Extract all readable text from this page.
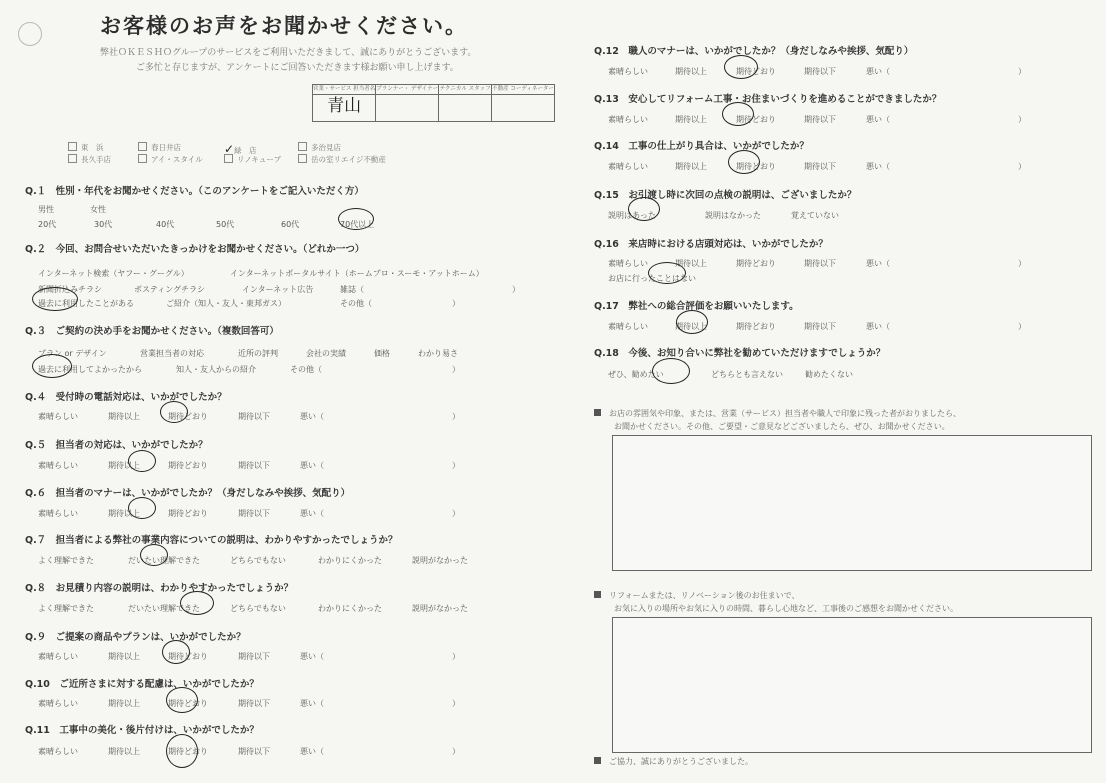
お客様のお声をお聞かせください。
弊社ＯＫＥＳＨＯグループのサービスをご利用いただきまして、誠にありがとうございます。
ご多忙と存じますが、アンケートにご回答いただきます様お願い申し上げます。
営業・サービス 担当者名	プランナー・ デザイナー	テクニカル スタッフ	不動産 コーディネーター
青山			
東　浜	春日井店	✓緑　店	多治見店
長久手店	アイ・スタイル	リノキューブ	岳の室リエイジ不動産
Q.１　性別・年代をお聞かせください。（このアンケートをご記入いただく方）
男性	女性
20代	30代	40代	50代	60代	70代以上
Q.２　今回、お問合せいただいたきっかけをお聞かせください。（どれか一つ）
インターネット検索（ヤフー・グーグル）	インターネットポータルサイト（ホームプロ・スーモ・アットホーム）
新聞折込みチラシ	ポスティングチラシ	インターネット広告	雑誌（	）
過去に利用したことがある	ご紹介（知人・友人・東邦ガス）	その他（	）
Q.３　ご契約の決め手をお聞かせください。（複数回答可）
プラン or デザイン	営業担当者の対応	近所の評判	会社の実績	価格	わかり易さ
過去に利用してよかったから	知人・友人からの紹介	その他（	）
Q.４　受付時の電話対応は、いかがでしたか？
素晴らしい	期待以上	期待どおり	期待以下	悪い（	）
Q.５　担当者の対応は、いかがでしたか？
素晴らしい	期待以上	期待どおり	期待以下	悪い（	）
Q.６　担当者のマナーは、いかがでしたか？（身だしなみや挨拶、気配り）
素晴らしい	期待以上	期待どおり	期待以下	悪い（	）
Q.７　担当者による弊社の事業内容についての説明は、わかりやすかったでしょうか？
よく理解できた	だいたい理解できた	どちらでもない	わかりにくかった	説明がなかった
Q.８　お見積り内容の説明は、わかりやすかったでしょうか？
よく理解できた	だいたい理解できた	どちらでもない	わかりにくかった	説明がなかった
Q.９　ご提案の商品やプランは、いかがでしたか？
素晴らしい	期待以上	期待どおり	期待以下	悪い（	）
Q.10　ご近所さまに対する配慮は、いかがでしたか？
素晴らしい	期待以上	期待どおり	期待以下	悪い（	）
Q.11　工事中の美化・後片付けは、いかがでしたか？
素晴らしい	期待以上	期待どおり	期待以下	悪い（	）
Q.12　職人のマナーは、いかがでしたか？（身だしなみや挨拶、気配り）
素晴らしい	期待以上	期待どおり	期待以下	悪い（	）
Q.13　安心してリフォーム工事・お住まいづくりを進めることができましたか？
素晴らしい	期待以上	期待どおり	期待以下	悪い（	）
Q.14　工事の仕上がり具合は、いかがでしたか？
素晴らしい	期待以上	期待どおり	期待以下	悪い（	）
Q.15　お引渡し時に次回の点検の説明は、ございましたか？
説明はあった	説明はなかった	覚えていない
Q.16　来店時における店頭対応は、いかがでしたか？
素晴らしい	期待以上	期待どおり	期待以下	悪い（	）
お店に行ったことはない
Q.17　弊社への総合評価をお願いいたします。
素晴らしい	期待以上	期待どおり	期待以下	悪い（	）
Q.18　今後、お知り合いに弊社を勧めていただけますでしょうか？
ぜひ、勧めたい	どちらとも言えない	勧めたくない
お店の雰囲気や印象、または、営業（サービス）担当者や職人で印象に残った者がおりましたら、
お聞かせください。その他、ご要望・ご意見などございましたら、ぜひ、お聞かせください。
リフォームまたは、リノベーション後のお住まいで、
お気に入りの場所やお気に入りの時間、暮らし心地など、工事後のご感想をお聞かせください。
ご協力、誠にありがとうございました。
